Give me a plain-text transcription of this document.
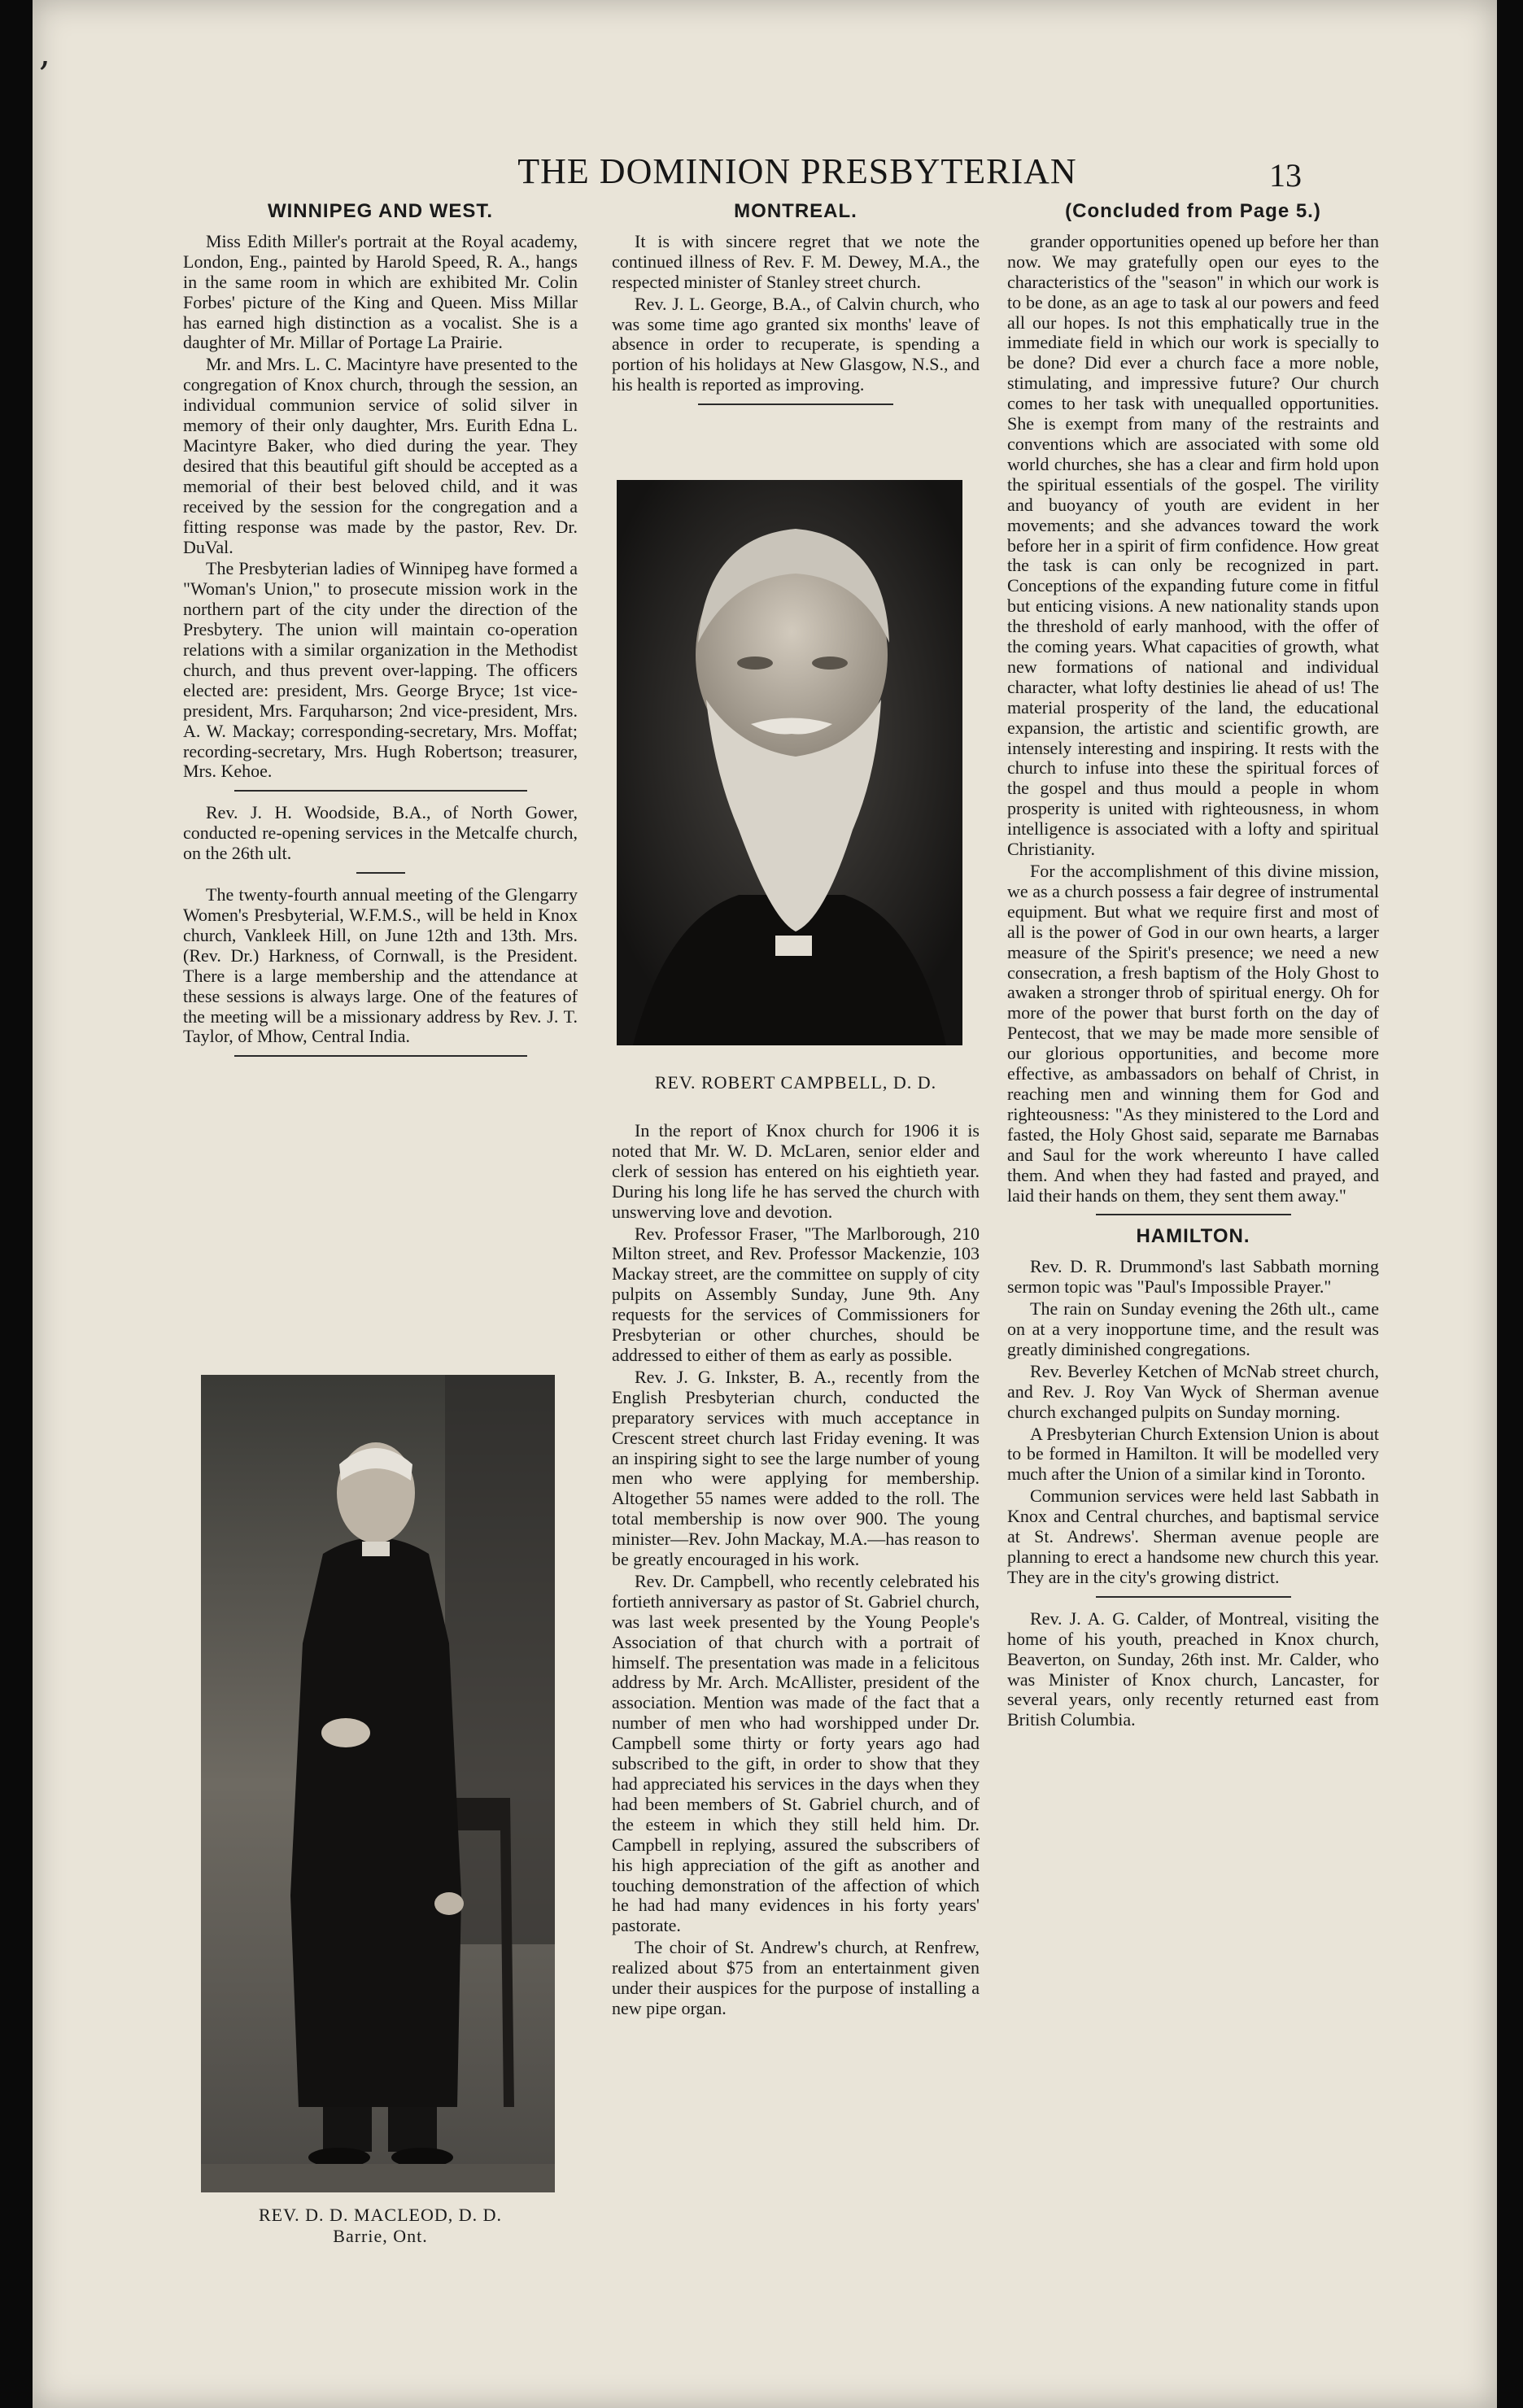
,
THE DOMINION PRESBYTERIAN	13
WINNIPEG AND WEST.

Miss Edith Miller's portrait at the Royal academy, London, Eng., painted by Harold Speed, R. A., hangs in the same room in which are exhibited Mr. Colin Forbes' picture of the King and Queen. Miss Millar has earned high distinction as a vocalist. She is a daughter of Mr. Millar of Portage La Prairie.

Mr. and Mrs. L. C. Macintyre have presented to the congregation of Knox church, through the session, an individual communion service of solid silver in memory of their only daughter, Mrs. Eurith Edna L. Macintyre Baker, who died during the year. They desired that this beautiful gift should be accepted as a memorial of their best beloved child, and it was received by the session for the congregation and a fitting response was made by the pastor, Rev. Dr. DuVal.

The Presbyterian ladies of Winnipeg have formed a "Woman's Union," to prosecute mission work in the northern part of the city under the direction of the Presbytery. The union will maintain co-operation relations with a similar organization in the Methodist church, and thus prevent over-lapping. The officers elected are: president, Mrs. George Bryce; 1st vice-president, Mrs. Farquharson; 2nd vice-president, Mrs. A. W. Mackay; corresponding-secretary, Mrs. Moffat; recording-secretary, Mrs. Hugh Robertson; treasurer, Mrs. Kehoe.

Rev. J. H. Woodside, B.A., of North Gower, conducted re-opening services in the Metcalfe church, on the 26th ult.

The twenty-fourth annual meeting of the Glengarry Women's Presbyterial, W.F.M.S., will be held in Knox church, Vankleek Hill, on June 12th and 13th. Mrs. (Rev. Dr.) Harkness, of Cornwall, is the President. There is a large membership and the attendance at these sessions is always large. One of the features of the meeting will be a missionary address by Rev. J. T. Taylor, of Mhow, Central India.

REV. D. D. MACLEOD, D. D.
Barrie, Ont.
MONTREAL.

It is with sincere regret that we note the continued illness of Rev. F. M. Dewey, M.A., the respected minister of Stanley street church.

Rev. J. L. George, B.A., of Calvin church, who was some time ago granted six months' leave of absence in order to recuperate, is spending a portion of his holidays at New Glasgow, N.S., and his health is reported as improving.

REV. ROBERT CAMPBELL, D. D.

In the report of Knox church for 1906 it is noted that Mr. W. D. McLaren, senior elder and clerk of session has entered on his eightieth year. During his long life he has served the church with unswerving love and devotion.

Rev. Professor Fraser, "The Marlborough, 210 Milton street, and Rev. Professor Mackenzie, 103 Mackay street, are the committee on supply of city pulpits on Assembly Sunday, June 9th. Any requests for the services of Commissioners for Presbyterian or other churches, should be addressed to either of them as early as possible.

Rev. J. G. Inkster, B. A., recently from the English Presbyterian church, conducted the preparatory services with much acceptance in Crescent street church last Friday evening. It was an inspiring sight to see the large number of young men who were applying for membership. Altogether 55 names were added to the roll. The total membership is now over 900. The young minister—Rev. John Mackay, M.A.—has reason to be greatly encouraged in his work.

Rev. Dr. Campbell, who recently celebrated his fortieth anniversary as pastor of St. Gabriel church, was last week presented by the Young People's Association of that church with a portrait of himself. The presentation was made in a felicitous address by Mr. Arch. McAllister, president of the association. Mention was made of the fact that a number of men who had worshipped under Dr. Campbell some thirty or forty years ago had subscribed to the gift, in order to show that they had appreciated his services in the days when they had been members of St. Gabriel church, and of the esteem in which they still held him. Dr. Campbell in replying, assured the subscribers of his high appreciation of the gift as another and touching demonstration of the affection of which he had had many evidences in his forty years' pastorate.

The choir of St. Andrew's church, at Renfrew, realized about $75 from an entertainment given under their auspices for the purpose of installing a new pipe organ.

(Concluded from Page 5.)

grander opportunities opened up before her than now. We may gratefully open our eyes to the characteristics of the "season" in which our work is to be done, as an age to task al our powers and feed all our hopes. Is not this emphatically true in the immediate field in which our work is specially to be done? Did ever a church face a more noble, stimulating, and impressive future? Our church comes to her task with unequalled opportunities. She is exempt from many of the restraints and conventions which are associated with some old world churches, she has a clear and firm hold upon the spiritual essentials of the gospel. The virility and buoyancy of youth are evident in her movements; and she advances toward the work before her in a spirit of firm confidence. How great the task is can only be recognized in part. Conceptions of the expanding future come in fitful but enticing visions. A new nationality stands upon the threshold of early manhood, with the offer of the coming years. What capacities of growth, what new formations of national and individual character, what lofty destinies lie ahead of us! The material prosperity of the land, the educational expansion, the artistic and scientific growth, are intensely interesting and inspiring. It rests with the church to infuse into these the spiritual forces of the gospel and thus mould a people in whom prosperity is united with righteousness, in whom intelligence is associated with a lofty and spiritual Christianity.

For the accomplishment of this divine mission, we as a church possess a fair degree of instrumental equipment. But what we require first and most of all is the power of God in our own hearts, a larger measure of the Spirit's presence; we need a new consecration, a fresh baptism of the Holy Ghost to awaken a stronger throb of spiritual energy. Oh for more of the power that burst forth on the day of Pentecost, that we may be made more sensible of our glorious opportunities, and become more effective, as ambassadors on behalf of Christ, in reaching men and winning them for God and righteousness: "As they ministered to the Lord and fasted, the Holy Ghost said, separate me Barnabas and Saul for the work whereunto I have called them. And when they had fasted and prayed, and laid their hands on them, they sent them away."

HAMILTON.

Rev. D. R. Drummond's last Sabbath morning sermon topic was "Paul's Impossible Prayer."

The rain on Sunday evening the 26th ult., came on at a very inopportune time, and the result was greatly diminished congregations.

Rev. Beverley Ketchen of McNab street church, and Rev. J. Roy Van Wyck of Sherman avenue church exchanged pulpits on Sunday morning.

A Presbyterian Church Extension Union is about to be formed in Hamilton. It will be modelled very much after the Union of a similar kind in Toronto.

Communion services were held last Sabbath in Knox and Central churches, and baptismal service at St. Andrews'. Sherman avenue people are planning to erect a handsome new church this year. They are in the city's growing district.

Rev. J. A. G. Calder, of Montreal, visiting the home of his youth, preached in Knox church, Beaverton, on Sunday, 26th inst. Mr. Calder, who was Minister of Knox church, Lancaster, for several years, only recently returned east from British Columbia.
